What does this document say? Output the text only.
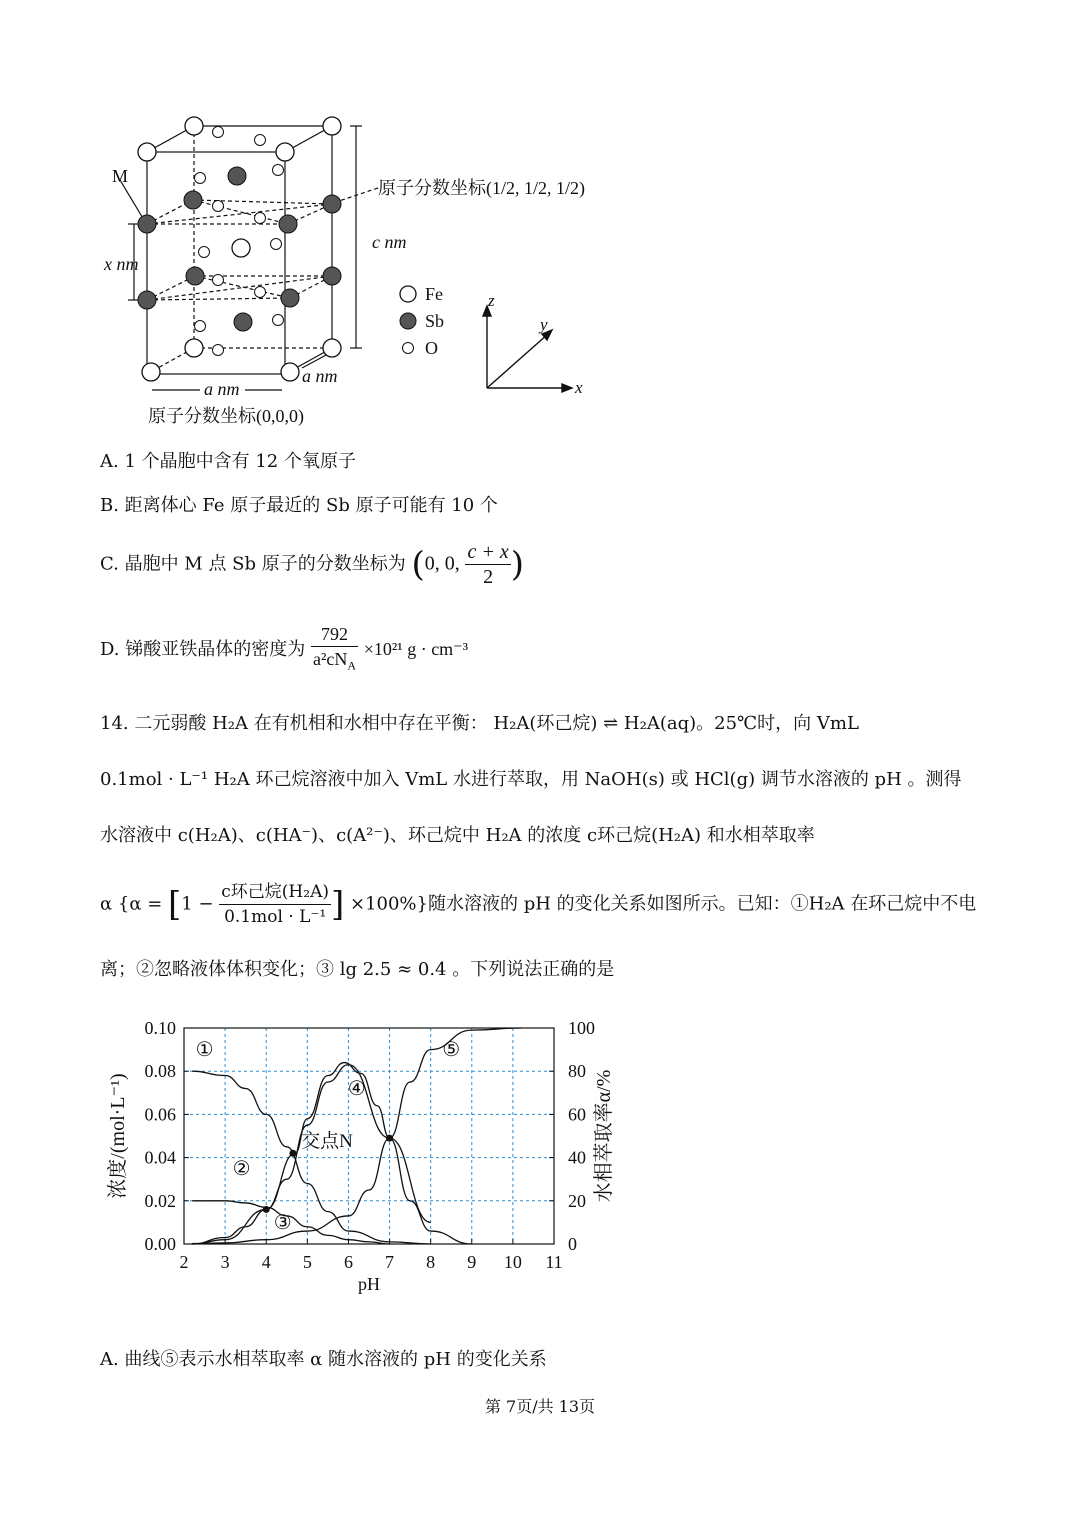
M
原子分数坐标(1/2, 1/2, 1/2)
c nm
x nm
a nm
a nm
原子分数坐标(0,0,0)
Fe
Sb
O
z
y
x
A. 1 个晶胞中含有 12 个氧原子
B. 距离体心 Fe 原子最近的 Sb 原子可能有 10 个
C. 晶胞中 M 点 Sb 原子的分数坐标为 (0, 0, $\frac{c + x}{2}$ )
D. 锑酸亚铁晶体的密度为 $\frac{792}{a^2cN_A} \times 10^{21}$ g · cm⁻³
14. 二元弱酸 H₂A 在有机相和水相中存在平衡： H₂A(环己烷) ⇌ H₂A(aq)。25℃时，向 VmL
0.1mol · L⁻¹ H₂A 环己烷溶液中加入 VmL 水进行萃取，用 NaOH(s) 或 HCl(g) 调节水溶液的 pH 。测得
水溶液中 c(H₂A)、c(HA⁻)、c(A²⁻)、环己烷中 H₂A 的浓度 c环己烷(H₂A) 和水相萃取率
α {$\alpha = [1 - \frac{\text{c环己烷(H₂A)}}{\text{0.1mol · L⁻¹}}$ ] ×100%}随水溶液的 pH 的变化关系如图所示。已知：①H₂A 在环己烷中不电
离；②忽略液体体积变化；③ lg 2.5 ≈ 0.4 。下列说法正确的是
2 3 4 5 6 7 8 9 10 11
0.00
0.02
0.04
0.06
0.08
0.10
0
20
40
60
80
100
pH
浓度/(mol·L⁻¹)	水相萃取率α/%
①
②
③
④
⑤
交点N
A. 曲线⑤表示水相萃取率 α 随水溶液的 pH 的变化关系
第 7页/共 13页
